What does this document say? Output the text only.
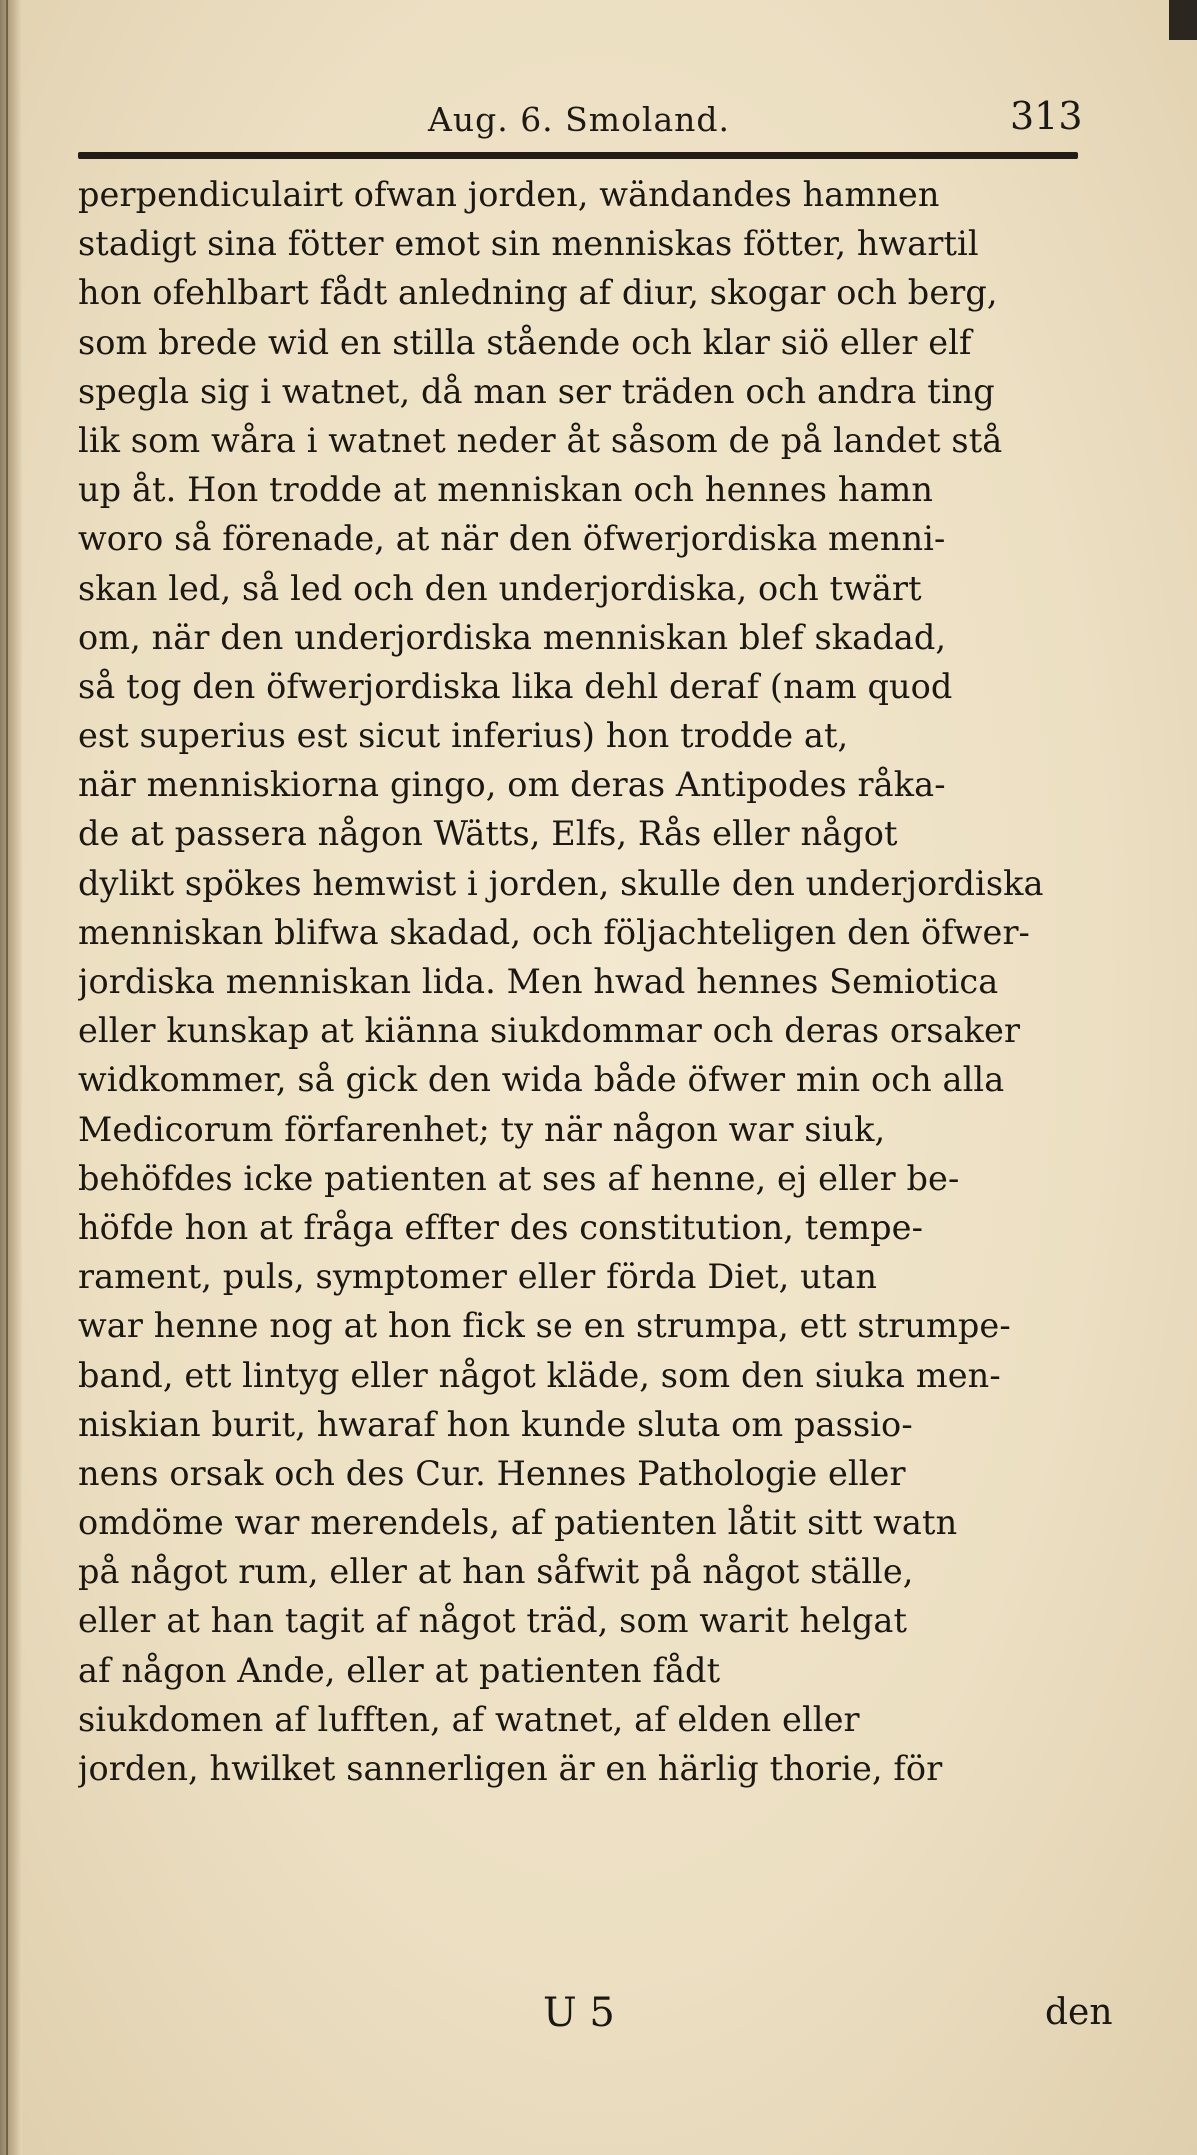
Aug. 6. Smoland.	313
perpendiculairt ofwan jorden, wändandes hamnen
stadigt sina fötter emot sin menniskas fötter, hwartil
hon ofehlbart fådt anledning af diur, skogar och berg,
som brede wid en stilla stående och klar siö eller elf
spegla sig i watnet, då man ser träden och andra ting
lik som wåra i watnet neder åt såsom de på landet stå
up åt. Hon trodde at menniskan och hennes hamn
woro så förenade, at när den öfwerjordiska menni-
skan led, så led och den underjordiska, och twärt
om, när den underjordiska menniskan blef skadad,
så tog den öfwerjordiska lika dehl deraf (nam quod
est superius est sicut inferius) hon trodde at,
när menniskiorna gingo, om deras Antipodes råka-
de at passera någon Wätts, Elfs, Rås eller något
dylikt spökes hemwist i jorden, skulle den underjordiska
menniskan blifwa skadad, och följachteligen den öfwer-
jordiska menniskan lida. Men hwad hennes Semiotica
eller kunskap at kiänna siukdommar och deras orsaker
widkommer, så gick den wida både öfwer min och alla
Medicorum förfarenhet; ty när någon war siuk,
behöfdes icke patienten at ses af henne, ej eller be-
höfde hon at fråga effter des constitution, tempe-
rament, puls, symptomer eller förda Diet, utan
war henne nog at hon fick se en strumpa, ett strumpe-
band, ett lintyg eller något kläde, som den siuka men-
niskian burit, hwaraf hon kunde sluta om passio-
nens orsak och des Cur. Hennes Pathologie eller
omdöme war merendels, af patienten låtit sitt watn
på något rum, eller at han såfwit på något ställe,
eller at han tagit af något träd, som warit helgat
af någon Ande, eller at patienten fådt
siukdomen af lufften, af watnet, af elden eller
jorden, hwilket sannerligen är en härlig thorie, för
U 5	den
